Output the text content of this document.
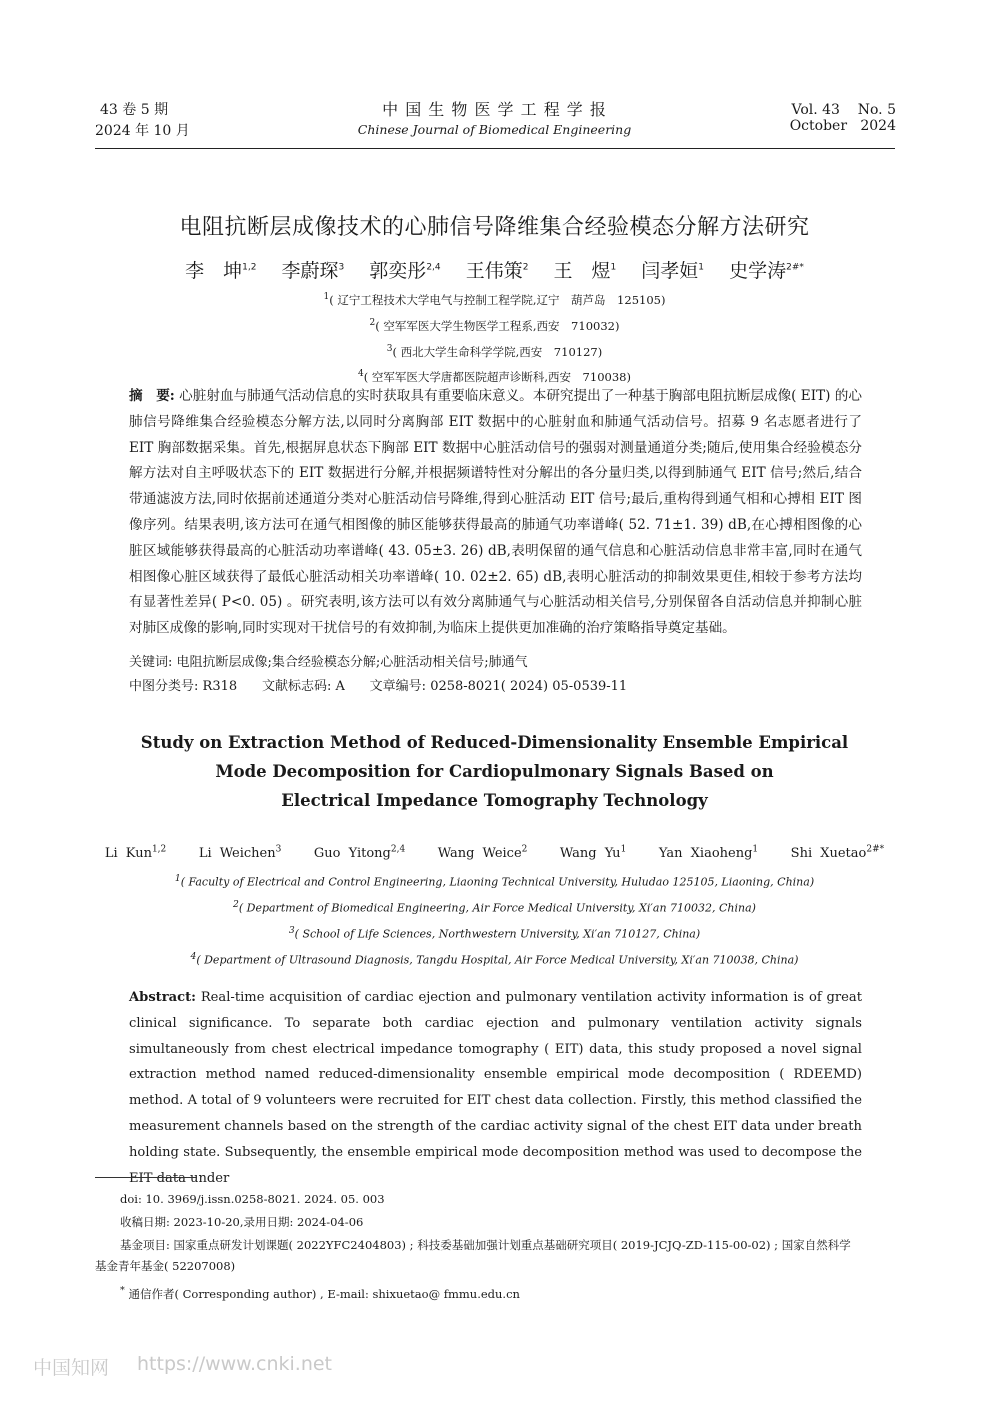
43 卷 5 期
2024 年 10 月
中 国 生 物 医 学 工 程 学 报
Chinese Journal of Biomedical Engineering
Vol. 43    No. 5
October   2024
电阻抗断层成像技术的心肺信号降维集合经验模态分解方法研究
李　坤$^{1,2}$　 李蔚琛$^3$　 郭奕彤$^{2,4}$　 王伟策$^2$　 王　煜$^1$　 闫孝姮$^1$　 史学涛$^{2\#*}$
$^1$( 辽宁工程技术大学电气与控制工程学院,辽宁　葫芦岛　125105)
$^2$( 空军军医大学生物医学工程系,西安　710032)
$^3$( 西北大学生命科学学院,西安　710127)
$^4$( 空军军医大学唐都医院超声诊断科,西安　710038)
摘　要: 心脏射血与肺通气活动信息的实时获取具有重要临床意义。本研究提出了一种基于胸部电阻抗断层成像( EIT) 的心肺信号降维集合经验模态分解方法,以同时分离胸部 EIT 数据中的心脏射血和肺通气活动信号。招募 9 名志愿者进行了 EIT 胸部数据采集。首先,根据屏息状态下胸部 EIT 数据中心脏活动信号的强弱对测量通道分类;随后,使用集合经验模态分解方法对自主呼吸状态下的 EIT 数据进行分解,并根据频谱特性对分解出的各分量归类,以得到肺通气 EIT 信号;然后,结合带通滤波方法,同时依据前述通道分类对心脏活动信号降维,得到心脏活动 EIT 信号;最后,重构得到通气相和心搏相 EIT 图像序列。结果表明,该方法可在通气相图像的肺区能够获得最高的肺通气功率谱峰( 52. 71±1. 39) dB,在心搏相图像的心脏区域能够获得最高的心脏活动功率谱峰( 43. 05±3. 26) dB,表明保留的通气信息和心脏活动信息非常丰富,同时在通气相图像心脏区域获得了最低心脏活动相关功率谱峰( 10. 02±2. 65) dB,表明心脏活动的抑制效果更佳,相较于参考方法均有显著性差异( P<0. 05) 。研究表明,该方法可以有效分离肺通气与心脏活动相关信号,分别保留各自活动信息并抑制心脏对肺区成像的影响,同时实现对干扰信号的有效抑制,为临床上提供更加准确的治疗策略指导奠定基础。
关键词: 电阻抗断层成像;集合经验模态分解;心脏活动相关信号;肺通气
中图分类号: R318 文献标志码: A 文章编号: 0258-8021( 2024) 05-0539-11
Study on Extraction Method of Reduced-Dimensionality Ensemble Empirical
Mode Decomposition for Cardiopulmonary Signals Based on
Electrical Impedance Tomography Technology
Li Kun$^{1,2}$	Li Weichen$^3$	Guo Yitong$^{2,4}$	Wang Weice$^2$	Wang Yu$^1$	Yan Xiaoheng$^1$	Shi Xuetao$^{2\#*}$
$^1$( Faculty of Electrical and Control Engineering, Liaoning Technical University, Huludao 125105, Liaoning, China)
$^2$( Department of Biomedical Engineering, Air Force Medical University, Xi′an 710032, China)
$^3$( School of Life Sciences, Northwestern University, Xi′an 710127, China)
$^4$( Department of Ultrasound Diagnosis, Tangdu Hospital, Air Force Medical University, Xi′an 710038, China)
Abstract: Real-time acquisition of cardiac ejection and pulmonary ventilation activity information is of great clinical significance. To separate both cardiac ejection and pulmonary ventilation activity signals simultaneously from chest electrical impedance tomography ( EIT) data, this study proposed a novel signal extraction method named reduced-dimensionality ensemble empirical mode decomposition ( RDEEMD) method. A total of 9 volunteers were recruited for EIT chest data collection. Firstly, this method classified the measurement channels based on the strength of the cardiac activity signal of the chest EIT data under breath holding state. Subsequently, the ensemble empirical mode decomposition method was used to decompose the EIT data under
doi: 10. 3969/j.issn.0258-8021. 2024. 05. 003
收稿日期: 2023-10-20,录用日期: 2024-04-06
基金项目: 国家重点研发计划课题( 2022YFC2404803) ; 科技委基础加强计划重点基础研究项目( 2019-JCJQ-ZD-115-00-02) ; 国家自然科学
基金青年基金( 52207008)
* 通信作者( Corresponding author) , E-mail: shixuetao@ fmmu.edu.cn
中国知网 https://www.cnki.net
